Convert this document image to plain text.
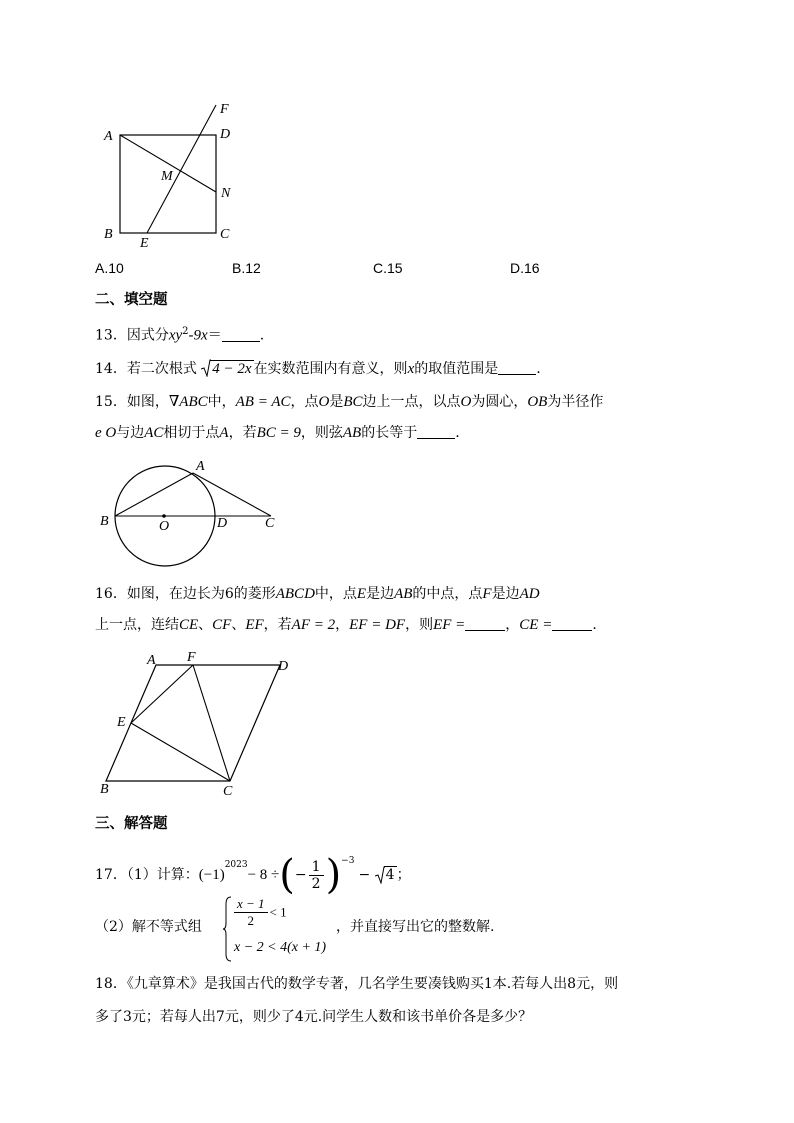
A
B	C
D
E
F
M
N
A.10	B.12	C.15	D.16
二、填空题
13．因式分$xy^2-9x=$	.
14．若二次根式 4 − 2x 在实数范围内有意义，则x的取值范围是	.
15．如图，∇ABC中，AB = AC，点O是BC边上一点，以点O为圆心，OB为半径作
e O与边AC相切于点A，若BC = 9，则弦AB的长等于	.
A
B	O	D	C
16．如图，在边长为6的菱形ABCD中，点E是边AB的中点，点F是边AD
上一点，连结CE、CF、EF，若AF = 2，EF = DF，则EF =	，CE =	.
A F
D
E
B	C
三、解答题
17．（1）计算：$(-1)^{2023}- 8$ ÷(− $\frac{1}{2} )^{-3}- 4$ ；
（2）解不等式组 $\frac{x - 1}{2} < 1$
x − 2 < 4(x + 1)
，并直接写出它的整数解.
18．《九章算术》是我国古代的数学专著，几名学生要凑钱购买1本.若每人出8元，则
多了3元；若每人出7元，则少了4元.问学生人数和该书单价各是多少？
